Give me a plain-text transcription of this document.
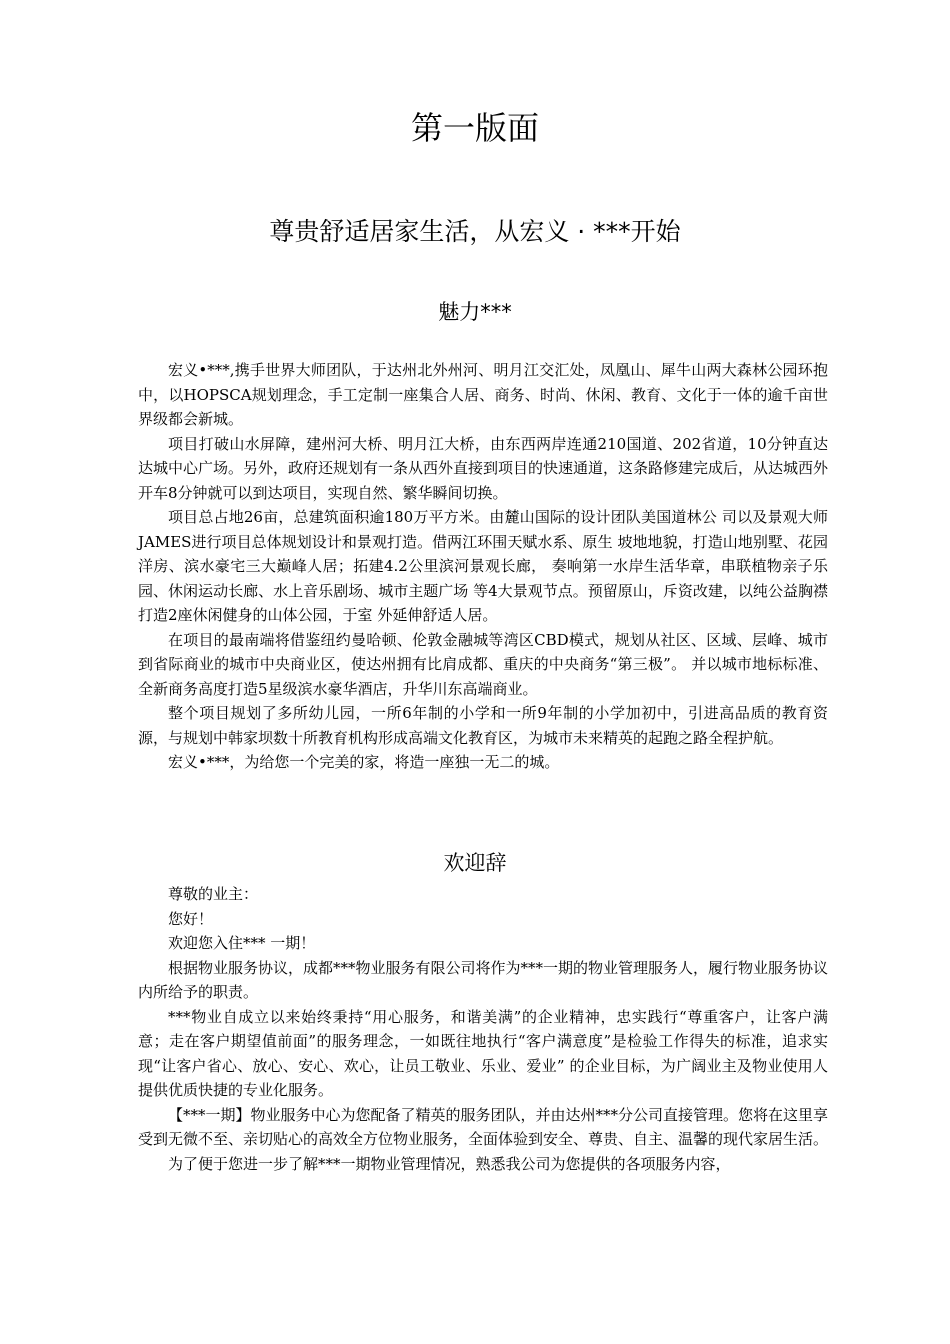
第一版面
尊贵舒适居家生活，从宏义 · ***开始
魅力***

宏义•***,携手世界大师团队，于达州北外州河、明月江交汇处，凤凰山、犀牛山两大森林公园环抱中，以HOPSCA规划理念，手工定制一座集合人居、商务、时尚、休闲、教育、文化于一体的逾千亩世界级都会新城。

项目打破山水屏障，建州河大桥、明月江大桥，由东西两岸连通210国道、202省道，10分钟直达达城中心广场。另外，政府还规划有一条从西外直接到项目的快速通道，这条路修建完成后，从达城西外开车8分钟就可以到达项目，实现自然、繁华瞬间切换。

项目总占地26亩，总建筑面积逾180万平方米。由麓山国际的设计团队美国道林公 司以及景观大师JAMES进行项目总体规划设计和景观打造。借两江环围天赋水系、原生 坡地地貌，打造山地别墅、花园洋房、滨水豪宅三大巅峰人居；拓建4.2公里滨河景观长廊， 奏响第一水岸生活华章，串联植物亲子乐园、休闲运动长廊、水上音乐剧场、城市主题广场 等4大景观节点。预留原山，斥资改建，以纯公益胸襟打造2座休闲健身的山体公园，于室 外延伸舒适人居。

在项目的最南端将借鉴纽约曼哈顿、伦敦金融城等湾区CBD模式，规划从社区、区域、层峰、城市到省际商业的城市中央商业区，使达州拥有比肩成都、重庆的中央商务“第三极”。 并以城市地标标准、全新商务高度打造5星级滨水豪华酒店，升华川东高端商业。

整个项目规划了多所幼儿园，一所6年制的小学和一所9年制的小学加初中，引进高品质的教育资源，与规划中韩家坝数十所教育机构形成高端文化教育区，为城市未来精英的起跑之路全程护航。

宏义•***，为给您一个完美的家，将造一座独一无二的城。

欢迎辞

尊敬的业主：

您好！

欢迎您入住*** 一期！

根据物业服务协议，成都***物业服务有限公司将作为***一期的物业管理服务人，履行物业服务协议内所给予的职责。

***物业自成立以来始终秉持“用心服务，和谐美满”的企业精神，忠实践行“尊重客户，让客户满意；走在客户期望值前面”的服务理念，一如既往地执行“客户满意度”是检验工作得失的标准，追求实现“让客户省心、放心、安心、欢心，让员工敬业、乐业、爱业” 的企业目标，为广阔业主及物业使用人提供优质快捷的专业化服务。

【***一期】物业服务中心为您配备了精英的服务团队，并由达州***分公司直接管理。您将在这里享受到无微不至、亲切贴心的高效全方位物业服务，全面体验到安全、尊贵、自主、温馨的现代家居生活。

为了便于您进一步了解***一期物业管理情况，熟悉我公司为您提供的各项服务内容，
